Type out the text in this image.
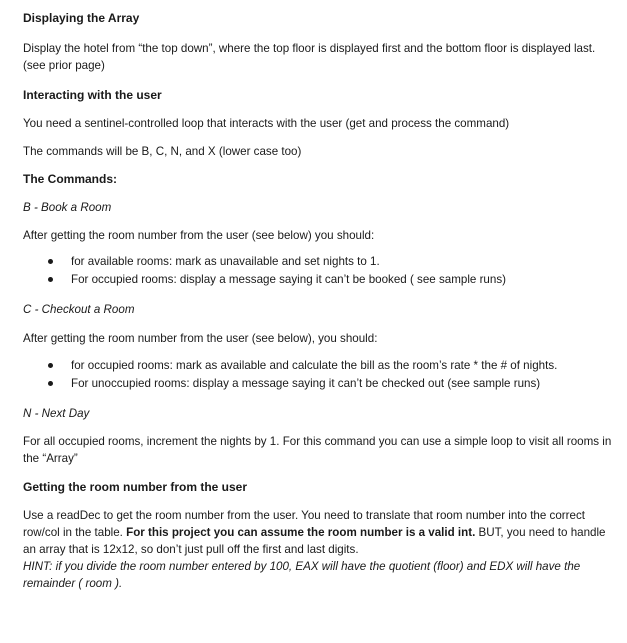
Displaying the Array
Display the hotel from “the top down”, where the top floor is displayed first and the bottom floor is displayed last. (see prior page)
Interacting with the user
You need a sentinel-controlled loop that interacts with the user (get and process the command)
The commands will be B, C, N, and X (lower case too)
The Commands:
B - Book a Room
After getting the room number from the user (see below) you should:
for available rooms: mark as unavailable and set nights to 1.
For occupied rooms: display a message saying it can’t be booked ( see sample runs)
C - Checkout a Room
After getting the room number from the user (see below), you should:
for occupied rooms: mark as available and calculate the bill as the room’s rate * the # of nights.
For unoccupied rooms: display a message saying it can’t be checked out (see sample runs)
N - Next Day
For all occupied rooms, increment the nights by 1. For this command you can use a simple loop to visit all rooms in the “Array”
Getting the room number from the user
Use a readDec to get the room number from the user. You need to translate that room number into the correct row/col in the table. For this project you can assume the room number is a valid int. BUT, you need to handle an array that is 12x12, so don’t just pull off the first and last digits.
HINT: if you divide the room number entered by 100, EAX will have the quotient (floor) and EDX will have the remainder ( room ).
